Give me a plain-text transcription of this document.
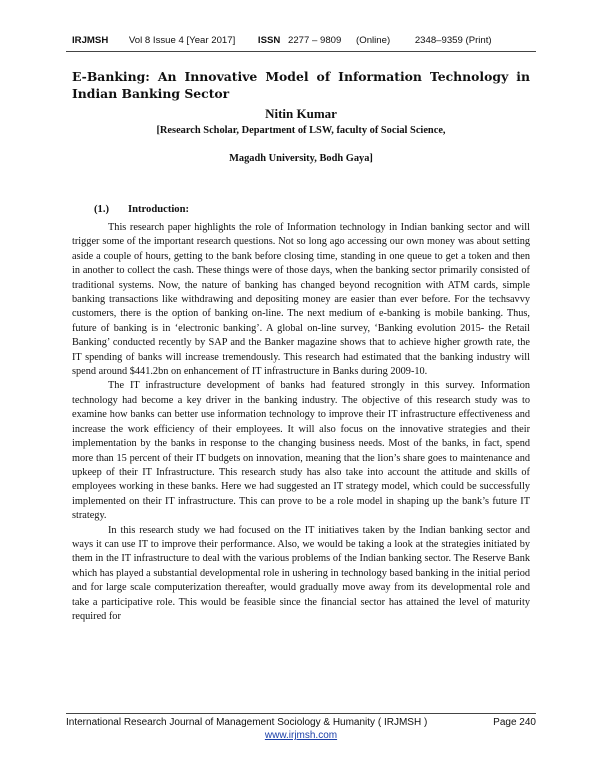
IRJMSH Vol 8 Issue 4 [Year 2017] ISSN 2277 – 9809 (Online)	2348–9359 (Print)
E-Banking: An Innovative Model of Information Technology in Indian Banking Sector
Nitin Kumar
[Research Scholar, Department of LSW, faculty of Social Science,
Magadh University, Bodh Gaya]
(1.) Introduction:

This research paper highlights the role of Information technology in Indian banking sector and will trigger some of the important research questions. Not so long ago accessing our own money was about setting aside a couple of hours, getting to the bank before closing time, standing in one queue to get a token and then in another to collect the cash. These things were of those days, when the banking sector primarily consisted of traditional systems. Now, the nature of banking has changed beyond recognition with ATM cards, simple banking transactions like withdrawing and depositing money are easier than ever before. For the techsavvy customers, there is the option of banking on-line. The next medium of e-banking is mobile banking. Thus, future of banking is in ‘electronic banking’. A global on-line survey, ‘Banking evolution 2015- the Retail Banking’ conducted recently by SAP and the Banker magazine shows that to achieve higher growth rate, the IT spending of banks will increase tremendously. This research had estimated that the banking industry will spend around $441.2bn on enhancement of IT infrastructure in Banks during 2009-10.

The IT infrastructure development of banks had featured strongly in this survey. Information technology had become a key driver in the banking industry. The objective of this research study was to examine how banks can better use information technology to improve their IT infrastructure effectiveness and increase the work efficiency of their employees. It will also focus on the innovative strategies and their implementation by the banks in response to the changing business needs. Most of the banks, in fact, spend more than 15 percent of their IT budgets on innovation, meaning that the lion’s share goes to maintenance and upkeep of their IT Infrastructure. This research study has also take into account the attitude and skills of employees working in these banks. Here we had suggested an IT strategy model, which could be successfully implemented on their IT infrastructure. This can prove to be a role model in shaping up the bank’s future IT strategy.

In this research study we had focused on the IT initiatives taken by the Indian banking sector and ways it can use IT to improve their performance. Also, we would be taking a look at the strategies initiated by them in the IT infrastructure to deal with the various problems of the Indian banking sector. The Reserve Bank which has played a substantial developmental role in ushering in technology based banking in the initial period and for large scale computerization thereafter, would gradually move away from its developmental role and take a participative role. This would be feasible since the financial sector has attained the level of maturity required for

International Research Journal of Management Sociology & Humanity ( IRJMSH )	Page 240
www.irjmsh.com
